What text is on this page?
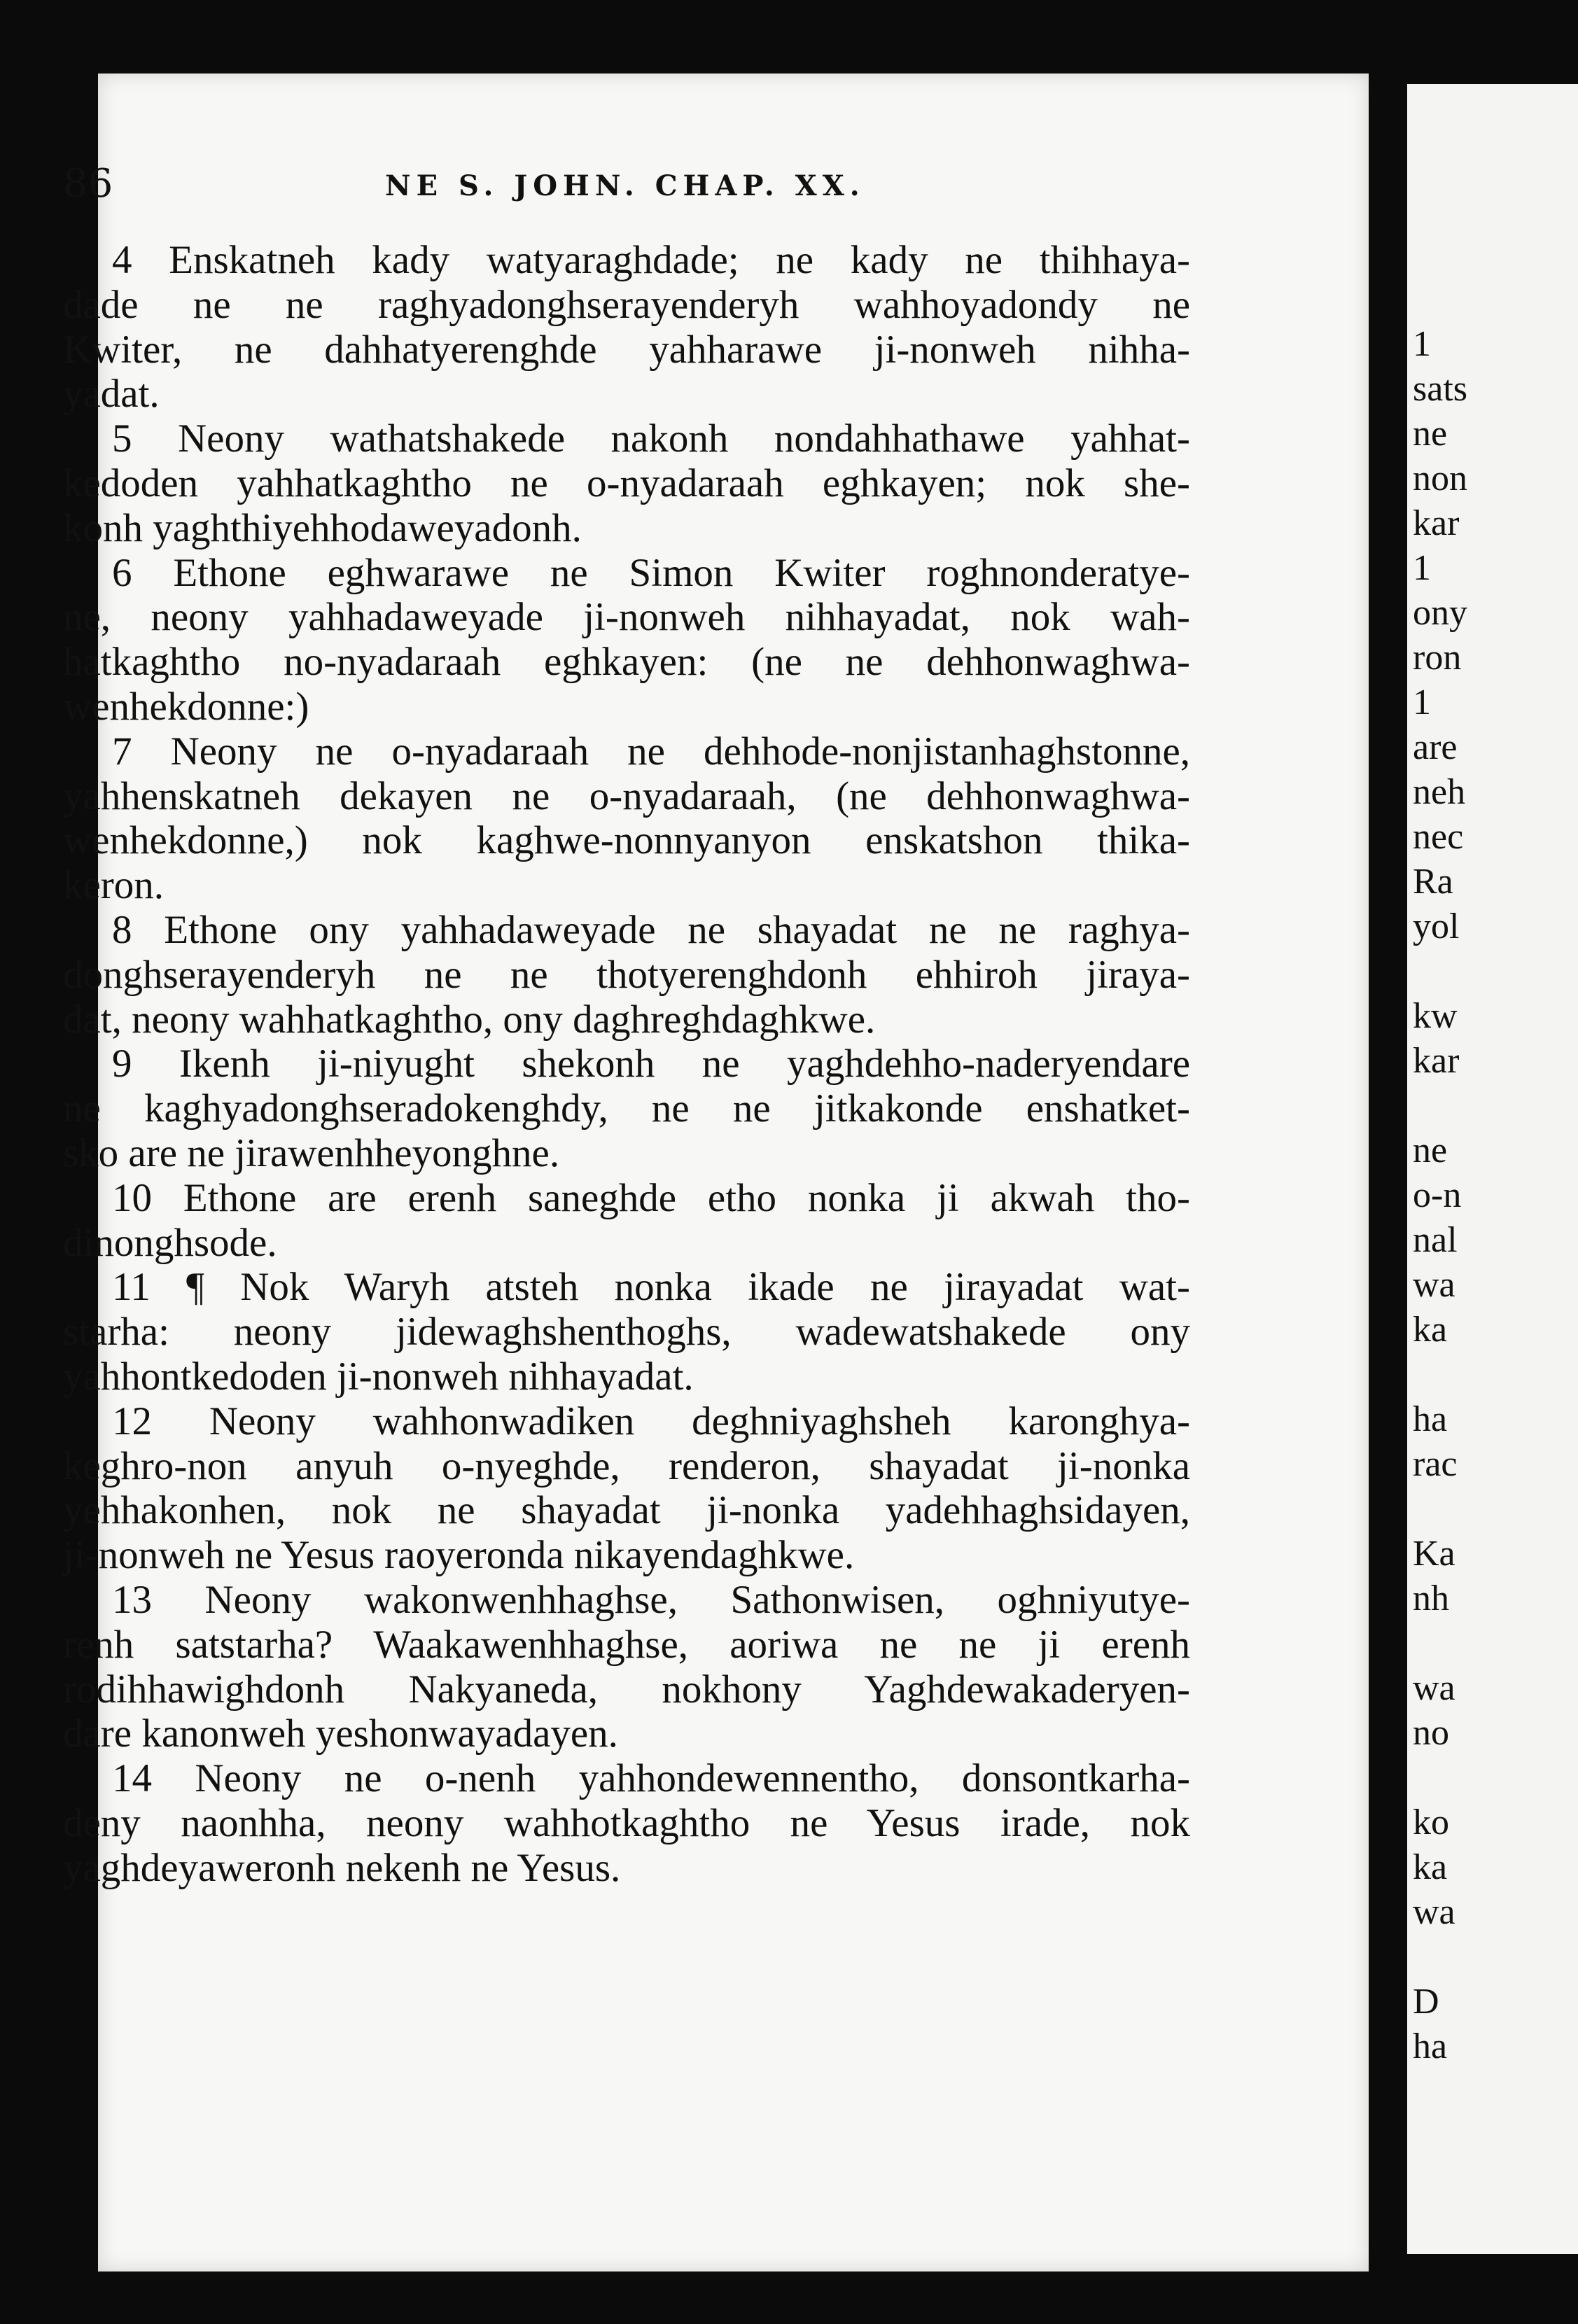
86	NE S. JOHN. CHAP. XX.
4 Enskatneh kady watyaraghdade; ne kady ne thihhaya-
dade ne ne raghyadonghserayenderyh wahhoyadondy ne
Kwiter, ne dahhatyerenghde yahharawe ji-nonweh nihha-
yadat.
5 Neony wathatshakede nakonh nondahhathawe yahhat-
kedoden yahhatkaghtho ne o-nyadaraah eghkayen; nok she-
konh yaghthiyehhodaweyadonh.
6 Ethone eghwarawe ne Simon Kwiter roghnonderatye-
ne, neony yahhadaweyade ji-nonweh nihhayadat, nok wah-
hatkaghtho no-nyadaraah eghkayen: (ne ne dehhonwaghwa-
wenhekdonne:)
7 Neony ne o-nyadaraah ne dehhode-nonjistanhaghstonne,
yahhenskatneh dekayen ne o-nyadaraah, (ne dehhonwaghwa-
wenhekdonne,) nok kaghwe-nonnyanyon enskatshon thika-
keron.
8 Ethone ony yahhadaweyade ne shayadat ne ne raghya-
donghserayenderyh ne ne thotyerenghdonh ehhiroh jiraya-
dat, neony wahhatkaghtho, ony daghreghdaghkwe.
9 Ikenh ji-niyught shekonh ne yaghdehho-naderyendare
ne kaghyadonghseradokenghdy, ne ne jitkakonde enshatket-
sko are ne jirawenhheyonghne.
10 Ethone are erenh saneghde etho nonka ji akwah tho-
dinonghsode.
11 ¶ Nok Waryh atsteh nonka ikade ne jirayadat wat-
starha: neony jidewaghshenthoghs, wadewatshakede ony
yahhontkedoden ji-nonweh nihhayadat.
12 Neony wahhonwadiken deghniyaghsheh karonghya-
keghro-non anyuh o-nyeghde, renderon, shayadat ji-nonka
yehhakonhen, nok ne shayadat ji-nonka yadehhaghsidayen,
ji-nonweh ne Yesus raoyeronda nikayendaghkwe.
13 Neony wakonwenhhaghse, Sathonwisen, oghniyutye-
renh satstarha? Waakawenhhaghse, aoriwa ne ne ji erenh
rodihhawighdonh Nakyaneda, nokhony Yaghdewakaderyen-
dare kanonweh yeshonwayadayen.
14 Neony ne o-nenh yahhondewennentho, donsontkarha-
deny naonhha, neony wahhotkaghtho ne Yesus irade, nok
yaghdeyaweronh nekenh ne Yesus.
1
sats
ne
non
kar
1
ony
ron
1
are
neh
nec
Ra
yol
kw
kar
ne
o-n
nal
wa
ka
ha
rac
Ka
nh
wa
no
ko
ka
wa
D
ha
